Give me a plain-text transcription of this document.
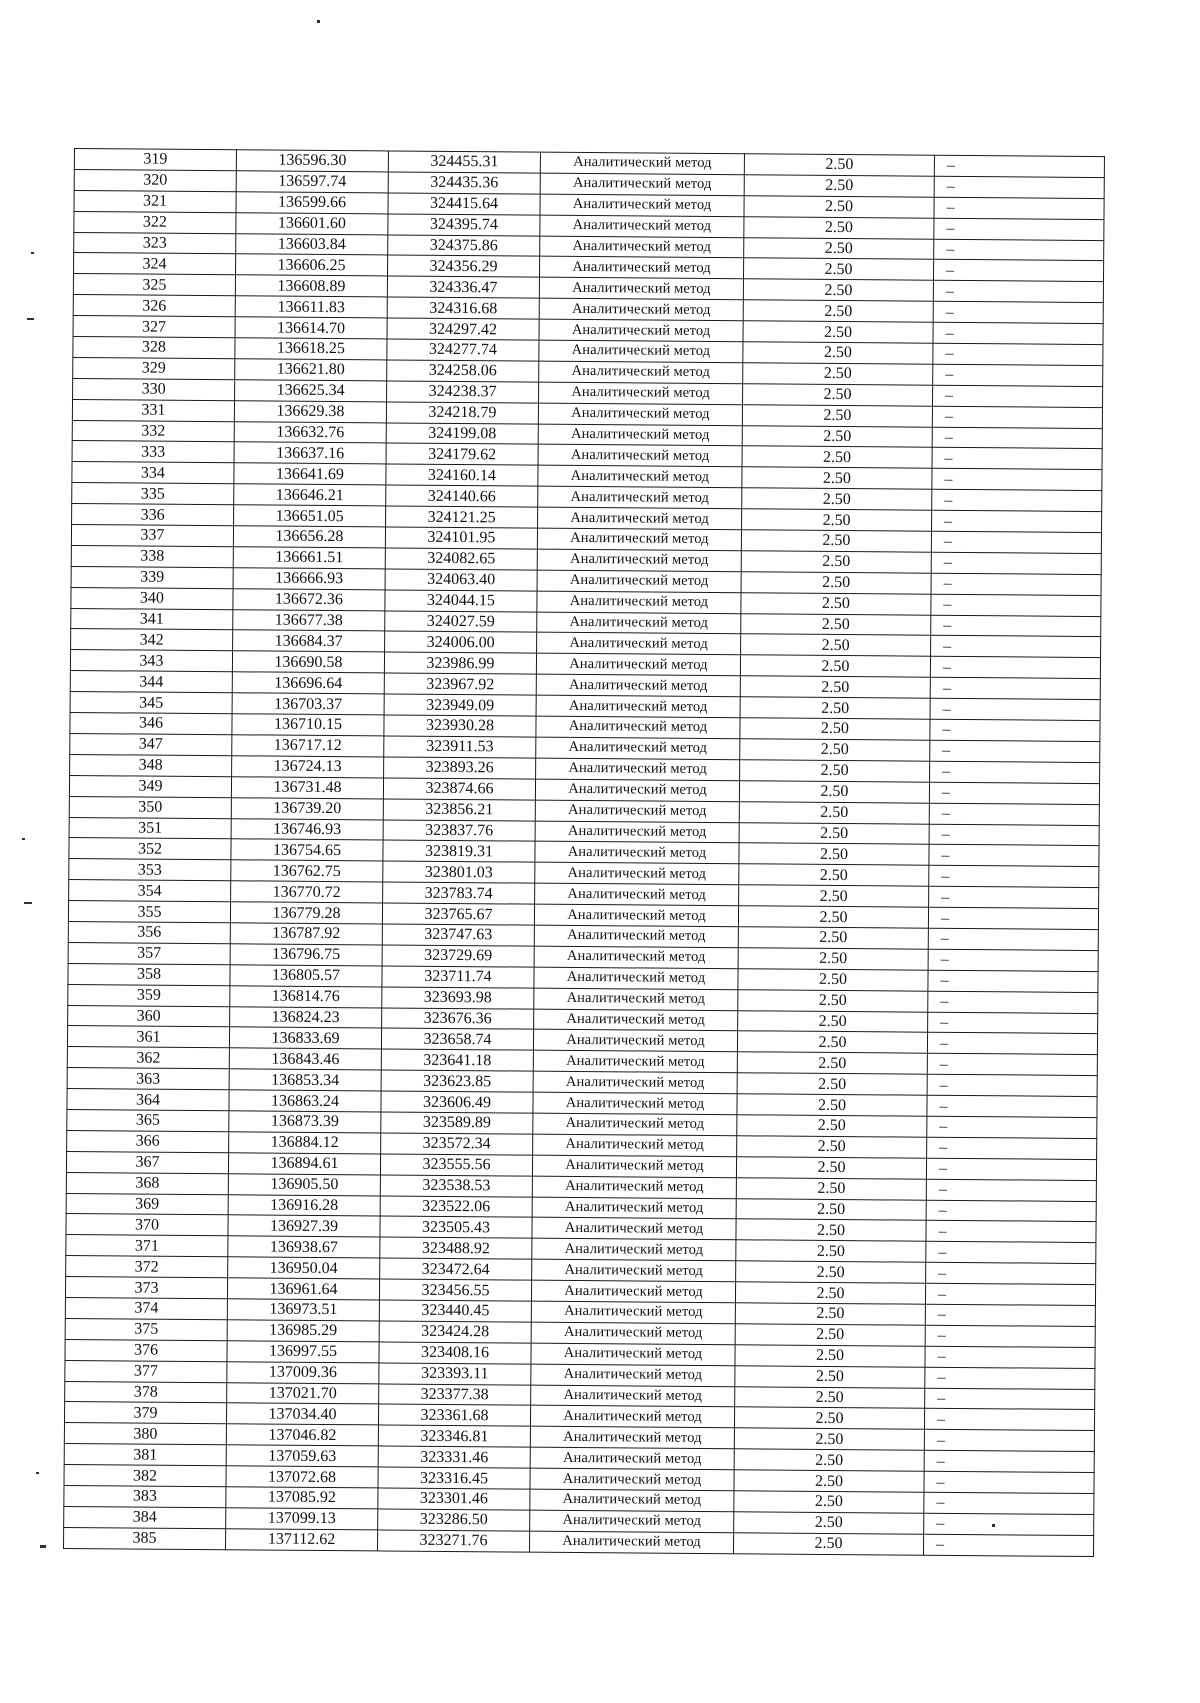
319	136596.30	324455.31	Аналитический метод	2.50	–
320	136597.74	324435.36	Аналитический метод	2.50	–
321	136599.66	324415.64	Аналитический метод	2.50	–
322	136601.60	324395.74	Аналитический метод	2.50	–
323	136603.84	324375.86	Аналитический метод	2.50	–
324	136606.25	324356.29	Аналитический метод	2.50	–
325	136608.89	324336.47	Аналитический метод	2.50	–
326	136611.83	324316.68	Аналитический метод	2.50	–
327	136614.70	324297.42	Аналитический метод	2.50	–
328	136618.25	324277.74	Аналитический метод	2.50	–
329	136621.80	324258.06	Аналитический метод	2.50	–
330	136625.34	324238.37	Аналитический метод	2.50	–
331	136629.38	324218.79	Аналитический метод	2.50	–
332	136632.76	324199.08	Аналитический метод	2.50	–
333	136637.16	324179.62	Аналитический метод	2.50	–
334	136641.69	324160.14	Аналитический метод	2.50	–
335	136646.21	324140.66	Аналитический метод	2.50	–
336	136651.05	324121.25	Аналитический метод	2.50	–
337	136656.28	324101.95	Аналитический метод	2.50	–
338	136661.51	324082.65	Аналитический метод	2.50	–
339	136666.93	324063.40	Аналитический метод	2.50	–
340	136672.36	324044.15	Аналитический метод	2.50	–
341	136677.38	324027.59	Аналитический метод	2.50	–
342	136684.37	324006.00	Аналитический метод	2.50	–
343	136690.58	323986.99	Аналитический метод	2.50	–
344	136696.64	323967.92	Аналитический метод	2.50	–
345	136703.37	323949.09	Аналитический метод	2.50	–
346	136710.15	323930.28	Аналитический метод	2.50	–
347	136717.12	323911.53	Аналитический метод	2.50	–
348	136724.13	323893.26	Аналитический метод	2.50	–
349	136731.48	323874.66	Аналитический метод	2.50	–
350	136739.20	323856.21	Аналитический метод	2.50	–
351	136746.93	323837.76	Аналитический метод	2.50	–
352	136754.65	323819.31	Аналитический метод	2.50	–
353	136762.75	323801.03	Аналитический метод	2.50	–
354	136770.72	323783.74	Аналитический метод	2.50	–
355	136779.28	323765.67	Аналитический метод	2.50	–
356	136787.92	323747.63	Аналитический метод	2.50	–
357	136796.75	323729.69	Аналитический метод	2.50	–
358	136805.57	323711.74	Аналитический метод	2.50	–
359	136814.76	323693.98	Аналитический метод	2.50	–
360	136824.23	323676.36	Аналитический метод	2.50	–
361	136833.69	323658.74	Аналитический метод	2.50	–
362	136843.46	323641.18	Аналитический метод	2.50	–
363	136853.34	323623.85	Аналитический метод	2.50	–
364	136863.24	323606.49	Аналитический метод	2.50	–
365	136873.39	323589.89	Аналитический метод	2.50	–
366	136884.12	323572.34	Аналитический метод	2.50	–
367	136894.61	323555.56	Аналитический метод	2.50	–
368	136905.50	323538.53	Аналитический метод	2.50	–
369	136916.28	323522.06	Аналитический метод	2.50	–
370	136927.39	323505.43	Аналитический метод	2.50	–
371	136938.67	323488.92	Аналитический метод	2.50	–
372	136950.04	323472.64	Аналитический метод	2.50	–
373	136961.64	323456.55	Аналитический метод	2.50	–
374	136973.51	323440.45	Аналитический метод	2.50	–
375	136985.29	323424.28	Аналитический метод	2.50	–
376	136997.55	323408.16	Аналитический метод	2.50	–
377	137009.36	323393.11	Аналитический метод	2.50	–
378	137021.70	323377.38	Аналитический метод	2.50	–
379	137034.40	323361.68	Аналитический метод	2.50	–
380	137046.82	323346.81	Аналитический метод	2.50	–
381	137059.63	323331.46	Аналитический метод	2.50	–
382	137072.68	323316.45	Аналитический метод	2.50	–
383	137085.92	323301.46	Аналитический метод	2.50	–
384	137099.13	323286.50	Аналитический метод	2.50	–
385	137112.62	323271.76	Аналитический метод	2.50	–
